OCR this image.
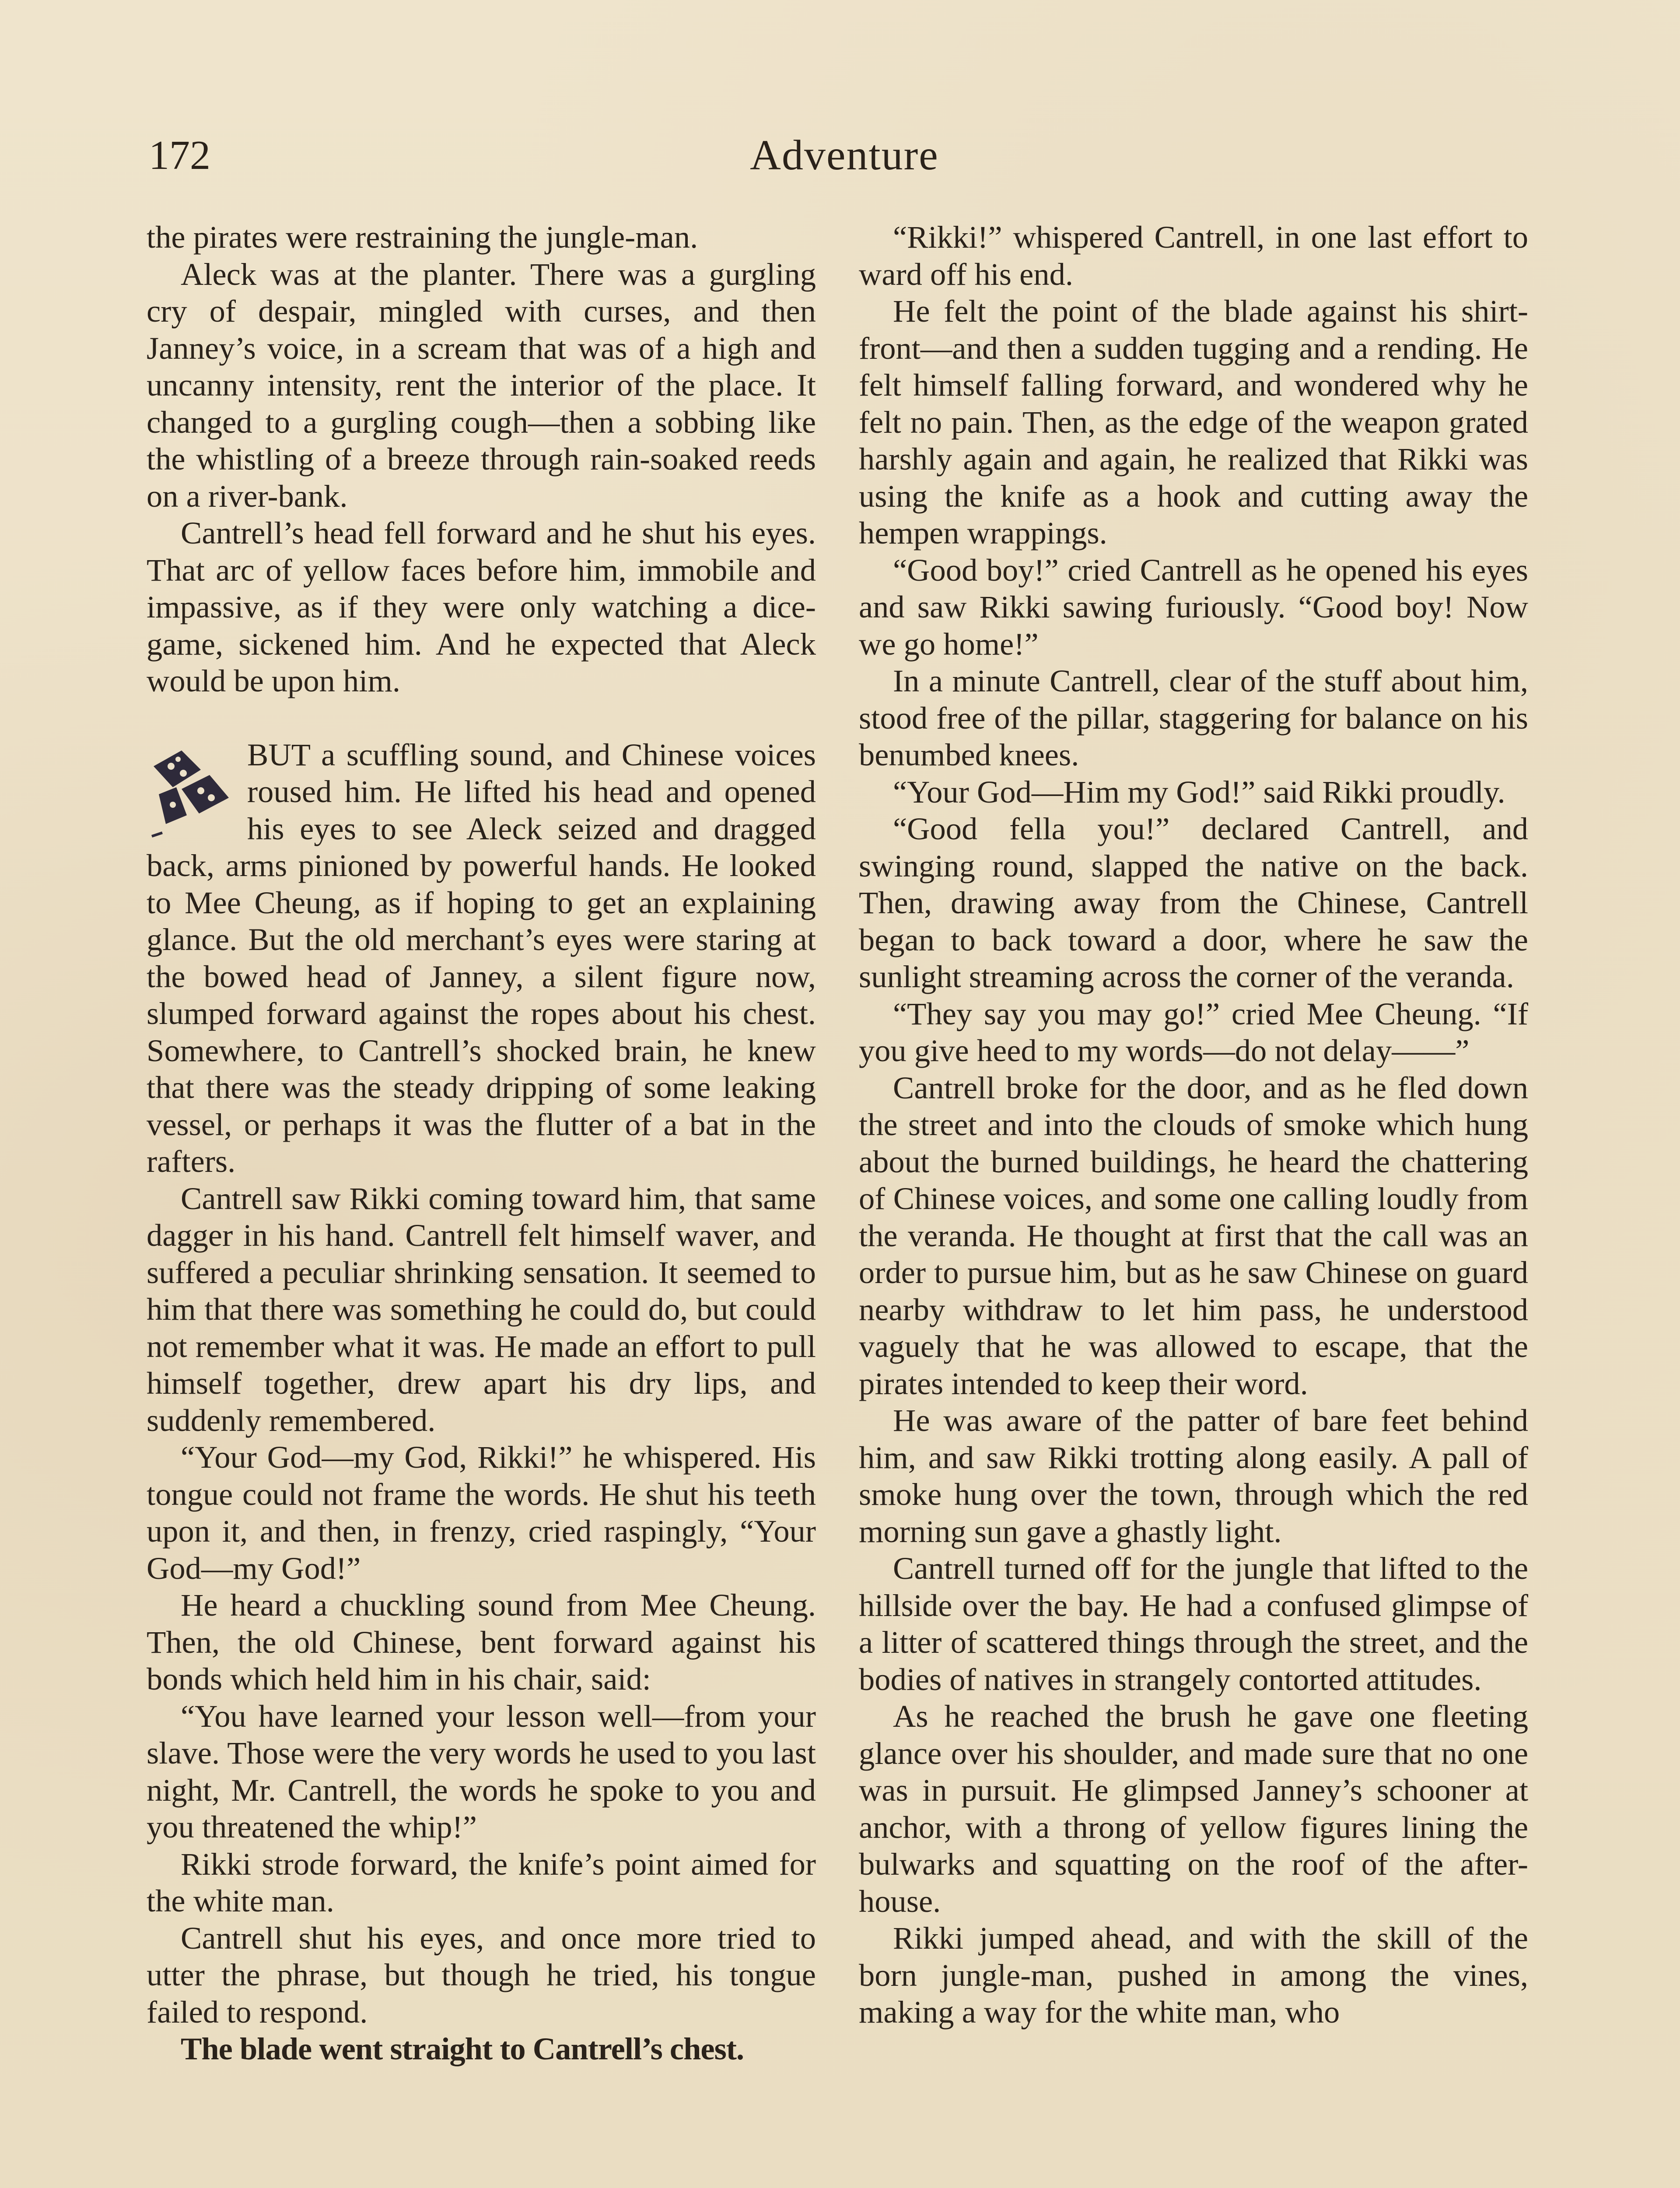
172	Adventure

the pirates were restraining the jungle-man.

Aleck was at the planter. There was a gurgling cry of despair, mingled with curses, and then Janney’s voice, in a scream that was of a high and uncanny intensity, rent the interior of the place. It changed to a gurgling cough—then a sobbing like the whistling of a breeze through rain-soaked reeds on a river-bank.

Cantrell’s head fell forward and he shut his eyes. That arc of yellow faces before him, immobile and impassive, as if they were only watching a dice-game, sickened him. And he expected that Aleck would be upon him.

BUT a scuffling sound, and Chinese voices roused him. He lifted his head and opened his eyes to see Aleck seized and dragged back, arms pinioned by powerful hands. He looked to Mee Cheung, as if hoping to get an explaining glance. But the old merchant’s eyes were staring at the bowed head of Janney, a silent figure now, slumped forward against the ropes about his chest. Somewhere, to Cantrell’s shocked brain, he knew that there was the steady dripping of some leaking vessel, or perhaps it was the flutter of a bat in the rafters.

Cantrell saw Rikki coming toward him, that same dagger in his hand. Cantrell felt himself waver, and suffered a peculiar shrinking sensation. It seemed to him that there was something he could do, but could not remember what it was. He made an effort to pull himself together, drew apart his dry lips, and suddenly remembered.

“Your God—my God, Rikki!” he whispered. His tongue could not frame the words. He shut his teeth upon it, and then, in frenzy, cried raspingly, “Your God—my God!”

He heard a chuckling sound from Mee Cheung. Then, the old Chinese, bent forward against his bonds which held him in his chair, said:

“You have learned your lesson well—from your slave. Those were the very words he used to you last night, Mr. Cantrell, the words he spoke to you and you threatened the whip!”

Rikki strode forward, the knife’s point aimed for the white man.

Cantrell shut his eyes, and once more tried to utter the phrase, but though he tried, his tongue failed to respond.

The blade went straight to Cantrell’s chest.

“Rikki!” whispered Cantrell, in one last effort to ward off his end.

He felt the point of the blade against his shirt-front—and then a sudden tugging and a rending. He felt himself falling forward, and wondered why he felt no pain. Then, as the edge of the weapon grated harshly again and again, he realized that Rikki was using the knife as a hook and cutting away the hempen wrappings.

“Good boy!” cried Cantrell as he opened his eyes and saw Rikki sawing furiously. “Good boy! Now we go home!”

In a minute Cantrell, clear of the stuff about him, stood free of the pillar, staggering for balance on his benumbed knees.

“Your God—Him my God!” said Rikki proudly.

“Good fella you!” declared Cantrell, and swinging round, slapped the native on the back. Then, drawing away from the Chinese, Cantrell began to back toward a door, where he saw the sunlight streaming across the corner of the veranda.

“They say you may go!” cried Mee Cheung. “If you give heed to my words—do not delay——”

Cantrell broke for the door, and as he fled down the street and into the clouds of smoke which hung about the burned buildings, he heard the chattering of Chinese voices, and some one calling loudly from the veranda. He thought at first that the call was an order to pursue him, but as he saw Chinese on guard nearby withdraw to let him pass, he understood vaguely that he was allowed to escape, that the pirates intended to keep their word.

He was aware of the patter of bare feet behind him, and saw Rikki trotting along easily. A pall of smoke hung over the town, through which the red morning sun gave a ghastly light.

Cantrell turned off for the jungle that lifted to the hillside over the bay. He had a confused glimpse of a litter of scattered things through the street, and the bodies of natives in strangely contorted attitudes.

As he reached the brush he gave one fleeting glance over his shoulder, and made sure that no one was in pursuit. He glimpsed Janney’s schooner at anchor, with a throng of yellow figures lining the bulwarks and squatting on the roof of the after-house.

Rikki jumped ahead, and with the skill of the born jungle-man, pushed in among the vines, making a way for the white man, who
